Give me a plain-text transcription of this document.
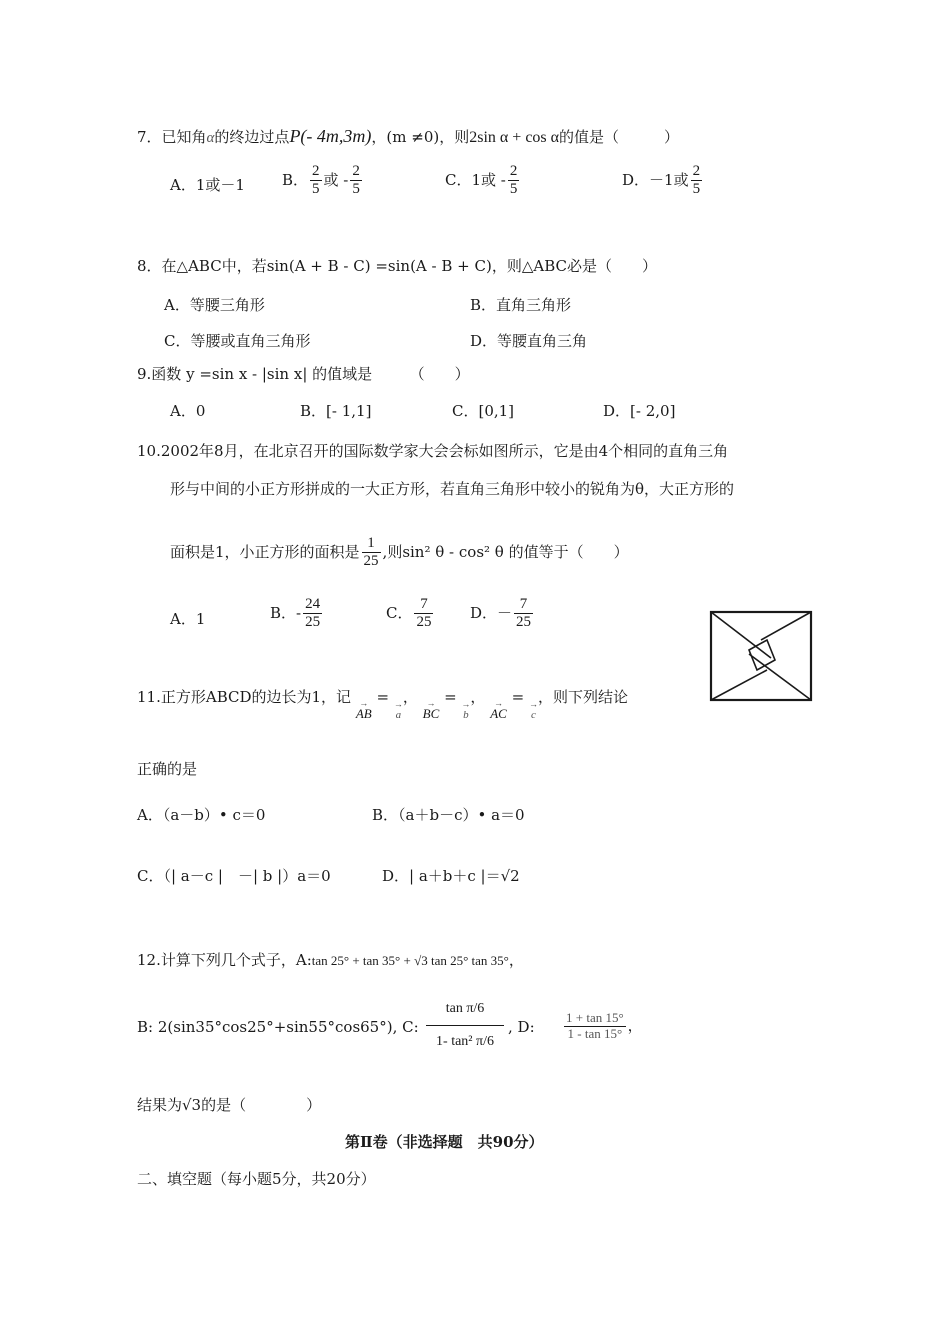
7．已知角α的终边过点P(- 4m,3m)，(m ≠0)，则2sin α + cos α的值是（　　　）
A．1或－1 B． $\frac{2}{5}$ 或 - $\frac{2}{5}$	C．1或 - $\frac{2}{5}$	D．－1或 $\frac{2}{5}$
8．在△ABC中，若sin(A + B - C) =sin(A - B + C)，则△ABC必是（　　）
A．等腰三角形	B．直角三角形
C．等腰或直角三角形	D．等腰直角三角
9.函数 y =sin x - |sin x| 的值域是　　　（　　）
A．0	B．[- 1,1]	C．[0,1]	D．[- 2,0]
10.2002年8月，在北京召开的国际数学家大会会标如图所示，它是由4个相同的直角三角
形与中间的小正方形拼成的一大正方形，若直角三角形中较小的锐角为θ，大正方形的
面积是1，小正方形的面积是 $\frac{1}{25}$ ,则sin² θ - cos² θ 的值等于（　　）
A．1	B．- $\frac{24}{25}$	C． $\frac{7}{25}$ D．－ $\frac{7}{25}$
11.正方形ABCD的边长为1，记 →
AB
= →
a
， →
BC
= →
b
， →
AC
= →
c
，则下列结论
正确的是
A．（a－b）• c＝0	B．（a＋b－c）• a＝0
C．（| a－c |　－| b |）a＝0	D．| a＋b＋c |＝√2
12.计算下列几个式子，A:tan 25° + tan 35° + √3 tan 25° tan 35°，
B: 2(sin35°cos25°+sin55°cos65°), C: $\frac{\text{tan π/6}}{\text{1- tan² π/6}}$ , D: $\frac{1 + \tan 15^\circ}{1 - \tan 15^\circ}$ ，
结果为√3的是（　　　　）
第Ⅱ卷（非选择题　共90分）
二、填空题（每小题5分，共20分）
